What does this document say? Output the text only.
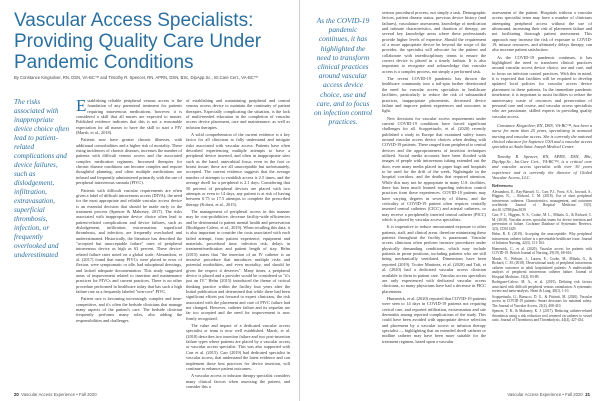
Vascular Access Specialists: Providing Quality Care Under Pandemic Conditions
By Constance Kingsolver, RN, DSN, VA-BC™ and Timothy R. Spencer, RN, APRN, DSN, BSc, DipApp.Sc., Int.Care Cert., VA-BC™
The risks associated with inappropriate device choice often lead to patient-related complications and device failures, such as dislodgement, infiltration, extravasation, superficial thrombosis, infection, or frequently overlooked and underestimated

Establishing reliable peripheral venous access is the foundation of any parenteral treatment for patients requiring intravenous medications, however, it is considered a skill that all nurses are expected to master. Published evidence indicates that this is not a reasonable expectation for all nurses to have the skill to start a PIV (Marsh, et al., 2018).

Patients now have greater chronic illnesses, with additional comorbidities and a higher risk of mortality. These rising incidences of chronic diseases, increases the number of patients with difficult venous access and the associated complex medication regimens. Increased therapies for chronic disease conditions can become complex and require thoughtful planning, and often multiple medications are infused and frequently administered primarily with the use of peripheral intravenous cannula (PIVC).

Patients with difficult vascular requirements are often given a label of difficult intravenous access (DIVA); the need for the most appropriate and reliable vascular access device is an essential decision that should be made early in the treatment process (Spencer & Mahoney, 2017). The risks associated with inappropriate device choice often lead to patient-related complications and device failures, such as dislodgement, infiltration, extravasation, superficial thrombosis, and infection, are frequently overlooked and underestimated. Historically, the literature has described the "accepted but unacceptable failure" rates of peripheral intravenous device as high as 63 percent. These device-related failure rates noted on a global scale, Alexandrou, et al. (2017) found that many PIVCs were placed in error of flexion, were symptomatic or idle, had suboptimal dressings, and lacked adequate documentation. This study suggested areas of improvement related to insertion and maintenance practices for PIVCs and current practices. There is no other procedure performed in healthcare today that has such a high failure rate as a frequently labeled "non-core" PIVC.

Patient care is becoming increasingly complex and time-competitive, and it's often the bedside clinicians that manage many aspects of the patient's care. The bedside clinician frequently performs many roles, also adding the responsibilities and challenges

of establishing and maintaining peripheral and central venous access device to maintain the continuity of patient therapies. Especially complicating the situation, is the lack of multi-needed education in the completion of vascular access device placement, care and maintenance, as well as infusion therapies.

A solid comprehension of the current evidence is a key factor for all clinicians to fully understand and mitigate risks associated with vascular access. Patients have often described experiencing multiple attempts to have a peripheral device inserted, and often in inappropriate sites such as the hand, antecubital fossa, even in the foot or breast tissue; these are all unacceptable but unfortunately, accepted. The current evidence suggests that the average number of attempts to establish access is 2.5 times, and the average dwell for a peripheral is 2.1 days. Considering that 50 percent of peripheral devices are placed with two attempts or even to 14 days, any patient is at risk of having between 0.75 to 17.5 attempts to complete the prescribed therapy (Kobert, et al., 2015).

The management of peripheral access in this manner may be cost-prohibitive, decrease facility-wide efficiencies and be detrimental to patient mental health and preservation (Rodríguez-Calero, et al., 2019). When recalling this data, it is also important to consider the costs associated with each failed attempt, from patient experience, equipment and materials, procedural time, infection risk, delays in treatment/medication and patient length of stay. Helm (2015) states that "the insertion of an IV catheter is an invasive procedure that introduces multiple risks and potential morbidities, and even mortality, and should be given the respect it deserves". Many times, a peripheral device is placed and a provider would be considered so "it's just an IV." Helm (2015) introduced the theme of critical thinking practice within the facility four years after the Initial publication and determined that while there had been significant efforts put forward to expert clinicians, the risk associated with the placement and care of PIVC failure had not changed. However, catheter failure and its sequelae are far too accepted and the need for improvement is now firmly recognized.

The value and impact of a dedicated vascular access specialist or team is now well established. Marsh, et al. (2018) describes two insertion failure and two post-insertion failure types where patients are placed by a vascular access or vascular access specialist. This was also supported with Carr et al. (2015). Carr (2019) had dedicated specialist in vascular access, that understand the latest evidence and can implement those best practices for device insertion, will continue to enhance patient outcomes.

A vascular access or infusion therapy specialist considers many clinical factors when assessing the patient, and consider this a

20 Vascular Access Experience • Fall 2020
As the COVID-19 pandemic continues, it has highlighted the need to transform clinical practices around vascular access device choice, use and care, and to focus on infection control practices.

serious procedural process, not simply a task. Demographic factors, patient disease status, previous device history (and failures), vasculature assessment, knowledge of medication and infusate characteristics, and duration of therapy, are several key knowledge areas where these professionals provide higher levels of expertise. Should the requirement of a more appropriate device be beyond the scope of the provider, the specialist will advocate for the patient and collaborate with interdisciplinary teams to ensure the correct device is placed in a timely fashion. It is also important to recognize and acknowledge that vascular access is a complex process, not simply a performed task.

The recent COVID-19 pandemic has thrown the healthcare community into a tail-spin further deteriorated the need for vascular access specialists in healthcare facilities, particularly to reduce the risk of substandard practices, inappropriate placements, decreased device failure and improve patient experiences and outcomes in light.

New decisions for vascular access requirements under current COVID-19 conditions have forced significant challenges for all. Scoppettuolo, et al. (2020) recently published a study in Europe that examined safety issues around vascular access device choices when dealing with COVID-19 patients. These ranged from peripheral to central devices and the appropriateness of insertion techniques utilized. Social media accounts have been flooded with images of people with intravenous tubing extended out the door, even many media placed in paper bags and hospitals to be used for the drift of the week, Nightingale in the hospital corridors, and the deaths that required attention. While this may not be appropriate in many U.S. facilities, there has been much learned regarding infection control practices from these experiences. COVID-19 patients may have varying degrees in severity of illness, and the criticality of COVID-19 patient often requires centrally inserted central catheters (CICC) and arterial catheters, or may receive a peripherally inserted central catheter (PICC) which is placed by vascular access specialists.

It is imperative to reduce unwarranted exposure to other patients, staff, and clinical areas, therefore minimizing these patients throughout the facility is paramount. Vascular access clinicians often perform invasive procedures under physically demanding conditions, which may include patients in prone positions, including patients who are still being mechanically ventilated. Dimensions have been reported (2019). Trotter Martinez, et al. (2020) and Taft, et al. (2020) had a dedicated vascular access clinician available to them in patient care. Vascular access specialists are only experienced with dedicated vascular access clinicians, so many physicians have had a decrease in PICC placements.

Humenick, et al. (2020) reported that COVID-19 patients were seen to 14 days in COVID-19 patients not requiring critical care, and reported infiltration, extravasation and site dermatitis among reported complications of the study. This could have been avoided with appropriate device selection and placement by a vascular access or infusion therapy specialist — highlighting that an extended dwell catheter or midline catheter may have been more suitable for the treatment regimen, based upon a vascular

assessment of the patient. Hospitals without a vascular access specialist team may have a number of clinicians attempting peripheral access without the use of ultrasound, increasing their risk of placement failure and not facilitating thorough patient assessment. This approach may increase the risk of exposure to COVID-19, misuse resources, and ultimately delays therapy, can also increase patient satisfaction.

As the COVID-19 pandemic continues, it has highlighted the need to transform clinical practices around vascular access device choice, use and care, and to focus on infection control practices. With this in mind, it is expected that facilities will be required to develop updated local policies for vascular access device placement in these patients. In the immediate pandemic timeframe, it is important to assist facilities to reduce the unnecessary waste of resources and preservation of personal care and course, and vascular access specialists who are passionate, skilled experts in providing quality vascular access.

Constance Kingsolver, RN, DSN, VA-BC™, has been a nurse for more than 25 years, specializing in neonatal nursing and vascular access. She is currently the national clinical educator for Sapience USA and a vascular access specialist at Anda Saint Joseph Medical Center.

Timothy R. Spencer, RN, APRN, DSN, BSc, DipApp.Sc., Int.Care Cert., VA-BC™, is a critical care and vascular access specialist with over 30 years experience and is currently the director of Global Vascular Access, LLC.

References:
Alexandrou, E., Ray-Barruel, G., Carr, P.J., Frost, S.A., Inwood, S., Higgins, N., ... Rickard, C. M. (2018). Use of short peripheral intravenous catheters: Characteristics, management, and outcomes worldwide. Journal of Hospital Medicine, 13(5). doi:10.12788/jhm.3039
Carr, P. J., Higgins, N. S., Cooke, M. L., Mihala, G., & Rickard, C. M. (2018). Vascular access specialist teams for device insertion and prevention of failure. Cochrane Database of Systematic Reviews, 3(3), CD011429.
Helm, R. E. (2019). Accepting the unacceptable: Why peripheral intravenous catheter failure is a preventable healthcare issue. Journal of Infusion Nursing, 42(3), 151-164.
Humenick, C., et al. (2020). Vascular access for patients with COVID-19. British Journal of Nursing, 29(19), S8-S16.
Marsh, N., Webster, J., Larsen, E., Cooke, M., Mihala, G., & Rickard, C. M. (2018). Observational study of peripheral intravenous catheter outcomes in adult hospitalized patients: A multivariable analysis of peripheral intravenous catheter failure. Journal of Hospital Medicine, 13(2), 83-89.
Rodríguez-Calero, M. A., et al. (2019). Defining risk factors associated with difficult peripheral venous cannulation: A systematic review and meta-analysis. Heart & Lung, 48(1), 1-10.
Scoppettuolo, G., Biasucci, D. G., & Pittiruti, M. (2020). Vascular access in COVID-19 patients: Smart decisions for maximal safety. The Journal of Vascular Access, 21(4), 408-410.
Spencer, T. R., & Mahoney, K. J. (2017). Reducing catheter-related thrombosis using a risk reduction tool centered on catheter to vessel ratio. Journal of Thrombosis and Thrombolysis, 44(4), 427-434.
Vascular Access Experience • Fall 2020 21
